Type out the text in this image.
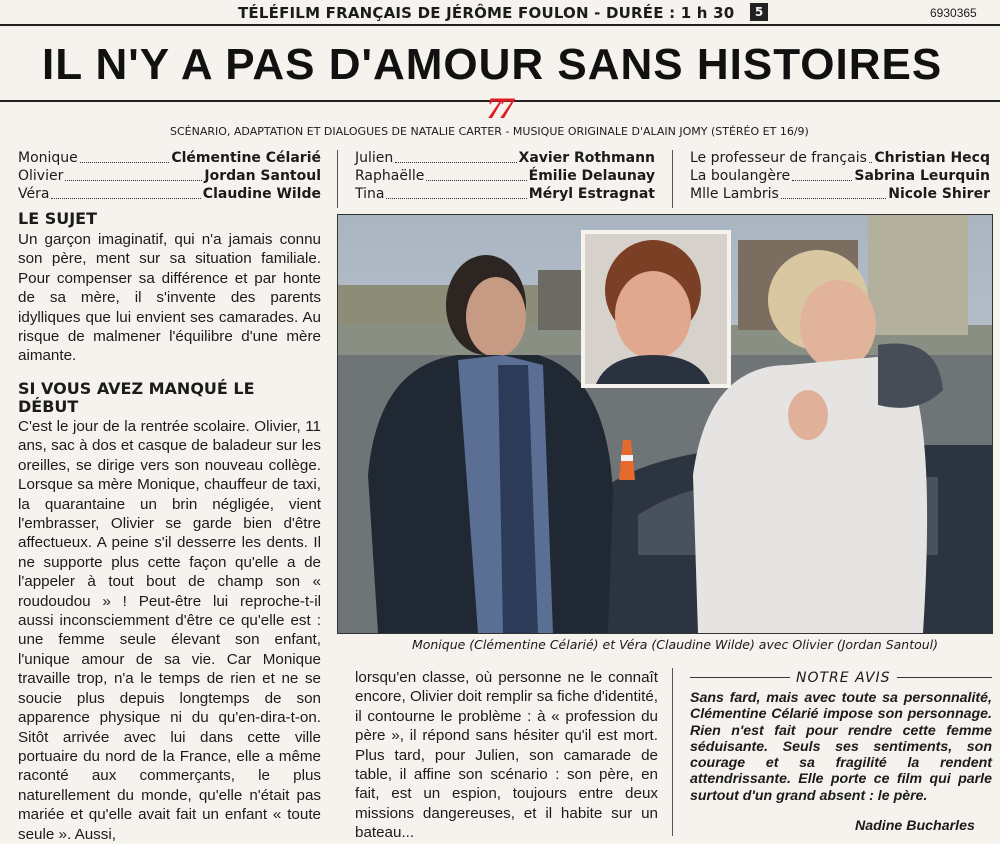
TÉLÉFILM FRANÇAIS DE JÉRÔME FOULON - DURÉE : 1 h 30	5	6930365
IL N'Y A PAS D'AMOUR SANS HISTOIRES
77
SCÉNARIO, ADAPTATION ET DIALOGUES DE NATALIE CARTER - MUSIQUE ORIGINALE D'ALAIN JOMY (STÉRÉO ET 16/9)
Monique	Clémentine Célarié
Olivier	Jordan Santoul
Véra	Claudine Wilde
Julien	Xavier Rothmann
Raphaëlle	Émilie Delaunay
Tina	Méryl Estragnat
Le professeur de français Christian Hecq
La boulangère	Sabrina Leurquin
Mlle Lambris	Nicole Shirer
LE SUJET
Un garçon imaginatif, qui n'a jamais connu son père, ment sur sa situation familiale. Pour compenser sa différence et par honte de sa mère, il s'invente des parents idylliques que lui envient ses camarades. Au risque de malmener l'équilibre d'une mère aimante.
SI VOUS AVEZ MANQUÉ LE DÉBUT
C'est le jour de la rentrée scolaire. Olivier, 11 ans, sac à dos et casque de baladeur sur les oreilles, se dirige vers son nouveau collège. Lorsque sa mère Monique, chauffeur de taxi, la quarantaine un brin négligée, vient l'embrasser, Olivier se garde bien d'être affectueux. A peine s'il desserre les dents. Il ne supporte plus cette façon qu'elle a de l'appeler à tout bout de champ son « roudoudou » ! Peut-être lui reproche-t-il aussi inconsciemment d'être ce qu'elle est : une femme seule élevant son enfant, l'unique amour de sa vie. Car Monique travaille trop, n'a le temps de rien et ne se soucie plus depuis longtemps de son apparence physique ni du qu'en-dira-t-on. Sitôt arrivée avec lui dans cette ville portuaire du nord de la France, elle a même raconté aux commerçants, le plus naturellement du monde, qu'elle n'était pas mariée et qu'elle avait fait un enfant « toute seule ». Aussi,
lorsqu'en classe, où personne ne le connaît encore, Olivier doit remplir sa fiche d'identité, il contourne le problème : à « profession du père », il répond sans hésiter qu'il est mort. Plus tard, pour Julien, son camarade de table, il affine son scénario : son père, en fait, est un espion, toujours entre deux missions dangereuses, et il habite sur un bateau...
Monique (Clémentine Célarié) et Véra (Claudine Wilde) avec Olivier (Jordan Santoul)
NOTRE AVIS
Sans fard, mais avec toute sa personnalité, Clémentine Célarié impose son personnage. Rien n'est fait pour rendre cette femme séduisante. Seuls ses sentiments, son courage et sa fragilité la rendent attendrissante. Elle porte ce film qui parle surtout d'un grand absent : le père.
Nadine Bucharles
